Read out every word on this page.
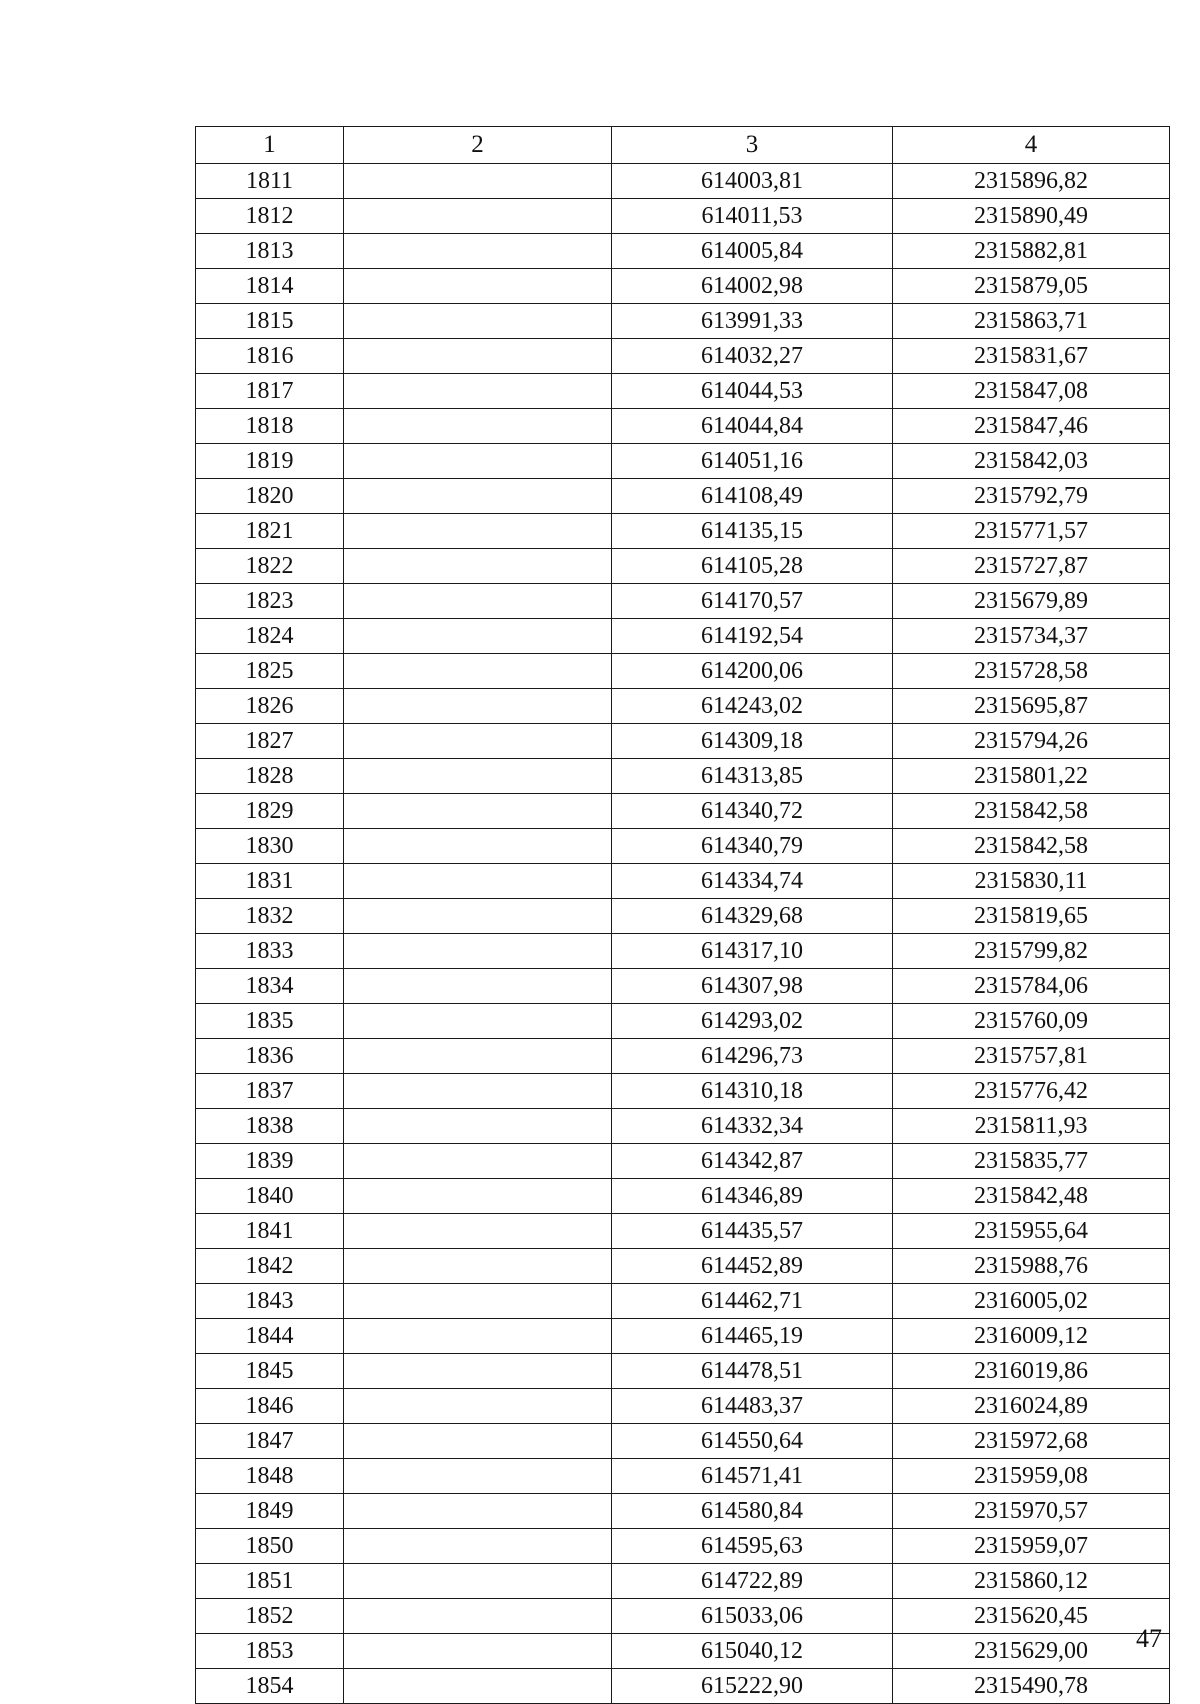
1	2	3	4
1811		614003,81	2315896,82
1812		614011,53	2315890,49
1813		614005,84	2315882,81
1814		614002,98	2315879,05
1815		613991,33	2315863,71
1816		614032,27	2315831,67
1817		614044,53	2315847,08
1818		614044,84	2315847,46
1819		614051,16	2315842,03
1820		614108,49	2315792,79
1821		614135,15	2315771,57
1822		614105,28	2315727,87
1823		614170,57	2315679,89
1824		614192,54	2315734,37
1825		614200,06	2315728,58
1826		614243,02	2315695,87
1827		614309,18	2315794,26
1828		614313,85	2315801,22
1829		614340,72	2315842,58
1830		614340,79	2315842,58
1831		614334,74	2315830,11
1832		614329,68	2315819,65
1833		614317,10	2315799,82
1834		614307,98	2315784,06
1835		614293,02	2315760,09
1836		614296,73	2315757,81
1837		614310,18	2315776,42
1838		614332,34	2315811,93
1839		614342,87	2315835,77
1840		614346,89	2315842,48
1841		614435,57	2315955,64
1842		614452,89	2315988,76
1843		614462,71	2316005,02
1844		614465,19	2316009,12
1845		614478,51	2316019,86
1846		614483,37	2316024,89
1847		614550,64	2315972,68
1848		614571,41	2315959,08
1849		614580,84	2315970,57
1850		614595,63	2315959,07
1851		614722,89	2315860,12
1852		615033,06	2315620,45
1853		615040,12	2315629,00
1854		615222,90	2315490,78
47
